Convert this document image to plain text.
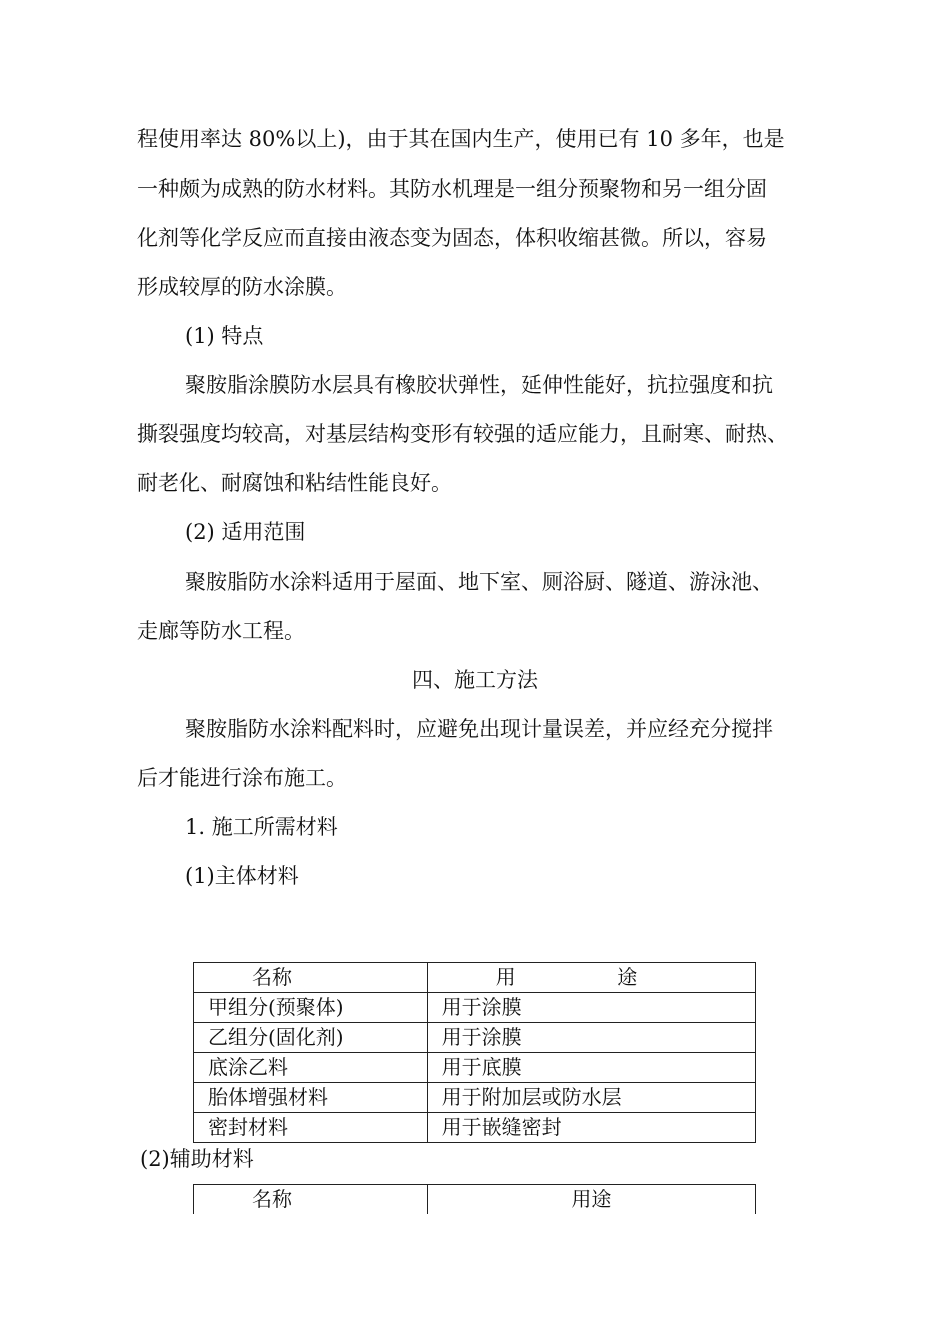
程使用率达 80%以上)，由于其在国内生产，使用已有 10 多年，也是
一种颇为成熟的防水材料。其防水机理是一组分预聚物和另一组分固
化剂等化学反应而直接由液态变为固态，体积收缩甚微。所以，容易
形成较厚的防水涂膜。
(1) 特点
聚胺脂涂膜防水层具有橡胶状弹性，延伸性能好，抗拉强度和抗
撕裂强度均较高，对基层结构变形有较强的适应能力，且耐寒、耐热、
耐老化、耐腐蚀和粘结性能良好。
(2) 适用范围
聚胺脂防水涂料适用于屋面、地下室、厕浴厨、隧道、游泳池、
走廊等防水工程。
四、施工方法
聚胺脂防水涂料配料时，应避免出现计量误差，并应经充分搅拌
后才能进行涂布施工。
1. 施工所需材料
(1)主体材料
名称	用                途
甲组分(预聚体)	用于涂膜
乙组分(固化剂)	用于涂膜
底涂乙料	用于底膜
胎体增强材料	用于附加层或防水层
密封材料	用于嵌缝密封
(2)辅助材料
名称	用途
